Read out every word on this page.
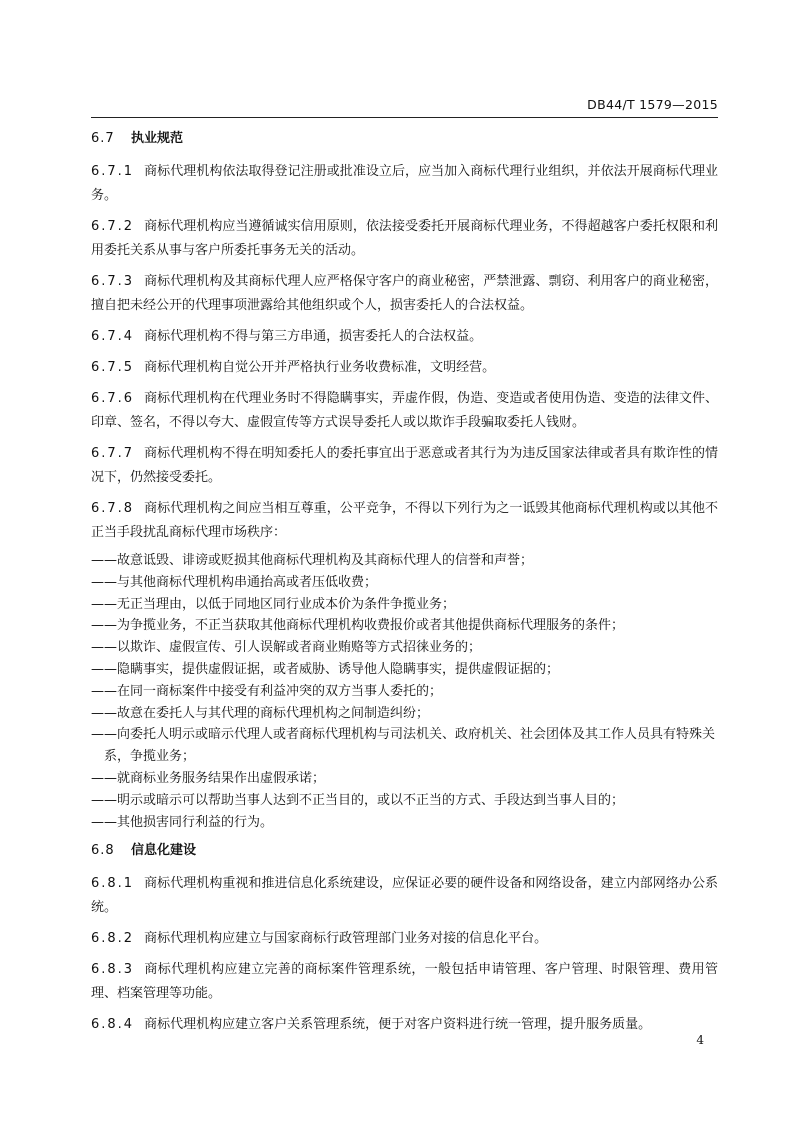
DB44/T 1579—2015
6.7 执业规范
6.7.1 商标代理机构依法取得登记注册或批准设立后，应当加入商标代理行业组织，并依法开展商标代理业务。
6.7.2 商标代理机构应当遵循诚实信用原则，依法接受委托开展商标代理业务，不得超越客户委托权限和利用委托关系从事与客户所委托事务无关的活动。
6.7.3 商标代理机构及其商标代理人应严格保守客户的商业秘密，严禁泄露、剽窃、利用客户的商业秘密，擅自把未经公开的代理事项泄露给其他组织或个人，损害委托人的合法权益。
6.7.4 商标代理机构不得与第三方串通，损害委托人的合法权益。
6.7.5 商标代理机构自觉公开并严格执行业务收费标准，文明经营。
6.7.6 商标代理机构在代理业务时不得隐瞒事实，弄虚作假，伪造、变造或者使用伪造、变造的法律文件、印章、签名，不得以夸大、虚假宣传等方式误导委托人或以欺诈手段骗取委托人钱财。
6.7.7 商标代理机构不得在明知委托人的委托事宜出于恶意或者其行为为违反国家法律或者具有欺诈性的情况下，仍然接受委托。
6.7.8 商标代理机构之间应当相互尊重，公平竞争，不得以下列行为之一诋毁其他商标代理机构或以其他不正当手段扰乱商标代理市场秩序：
——故意诋毁、诽谤或贬损其他商标代理机构及其商标代理人的信誉和声誉；
——与其他商标代理机构串通抬高或者压低收费；
——无正当理由，以低于同地区同行业成本价为条件争揽业务；
——为争揽业务，不正当获取其他商标代理机构收费报价或者其他提供商标代理服务的条件；
——以欺诈、虚假宣传、引人误解或者商业贿赂等方式招徕业务的；
——隐瞒事实，提供虚假证据，或者威胁、诱导他人隐瞒事实，提供虚假证据的；
——在同一商标案件中接受有利益冲突的双方当事人委托的；
——故意在委托人与其代理的商标代理机构之间制造纠纷；
——向委托人明示或暗示代理人或者商标代理机构与司法机关、政府机关、社会团体及其工作人员具有特殊关系，争揽业务；
——就商标业务服务结果作出虚假承诺；
——明示或暗示可以帮助当事人达到不正当目的，或以不正当的方式、手段达到当事人目的；
——其他损害同行利益的行为。
6.8 信息化建设
6.8.1 商标代理机构重视和推进信息化系统建设，应保证必要的硬件设备和网络设备，建立内部网络办公系统。
6.8.2 商标代理机构应建立与国家商标行政管理部门业务对接的信息化平台。
6.8.3 商标代理机构应建立完善的商标案件管理系统，一般包括申请管理、客户管理、时限管理、费用管理、档案管理等功能。
6.8.4 商标代理机构应建立客户关系管理系统，便于对客户资料进行统一管理，提升服务质量。
4
